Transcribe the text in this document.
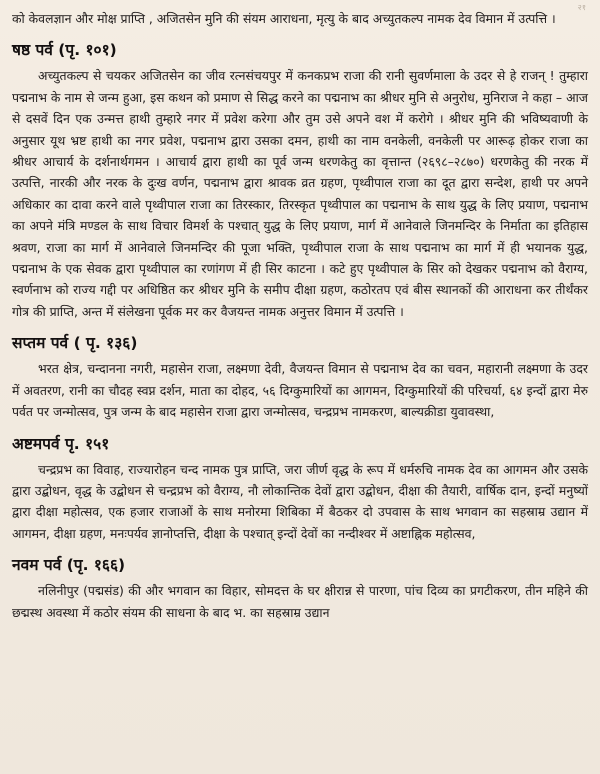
२१

को केवलज्ञान और मोक्ष प्राप्ति , अजितसेन मुनि की संयम आराधना, मृत्यु के बाद अच्युतकल्प नामक देव विमान में उत्पत्ति ।

षष्ठ पर्व (पृ. १०१)

अच्युतकल्प से चयकर अजितसेन का जीव रत्नसंचयपुर में कनकप्रभ राजा की रानी सुवर्णमाला के उदर से हे राजन् ! तुम्हारा पद्मनाभ के नाम से जन्म हुआ, इस कथन को प्रमाण से सिद्ध करने का पद्मनाभ का श्रीधर मुनि से अनुरोध, मुनिराज ने कहा – आज से दसवें दिन एक उन्मत्त हाथी तुम्हारे नगर में प्रवेश करेगा और तुम उसे अपने वश में करोगे । श्रीधर मुनि की भविष्यवाणी के अनुसार यूथ भ्रष्ट हाथी का नगर प्रवेश, पद्मनाभ द्वारा उसका दमन, हाथी का नाम वनकेली, वनकेली पर आरूढ़ होकर राजा का श्रीधर आचार्य के दर्शनार्थगमन । आचार्य द्वारा हाथी का पूर्व जन्म धरणकेतु का वृत्तान्त (२६९८–२८७०) धरणकेतु की नरक में उत्पत्ति, नारकी और नरक के दुःख वर्णन, पद्मनाभ द्वारा श्रावक व्रत ग्रहण, पृथ्वीपाल राजा का दूत द्वारा सन्देश, हाथी पर अपने अधिकार का दावा करने वाले पृथ्वीपाल राजा का तिरस्कार, तिरस्कृत पृथ्वीपाल का पद्मनाभ के साथ युद्ध के लिए प्रयाण, पद्मनाभ का अपने मंत्रि मण्डल के साथ विचार विमर्श के पश्चात् युद्ध के लिए प्रयाण, मार्ग में आनेवाले जिनमन्दिर के निर्माता का इतिहास श्रवण, राजा का मार्ग में आनेवाले जिनमन्दिर की पूजा भक्ति, पृथ्वीपाल राजा के साथ पद्मनाभ का मार्ग में ही भयानक युद्ध, पद्मनाभ के एक सेवक द्वारा पृथ्वीपाल का रणांगण में ही सिर काटना । कटे हुए पृथ्वीपाल के सिर को देखकर पद्मनाभ को वैराग्य, स्वर्णनाभ को राज्य गद्दी पर अधिष्ठित कर श्रीधर मुनि के समीप दीक्षा ग्रहण, कठोरतप एवं बीस स्थानकों की आराधना कर तीर्थंकर गोत्र की प्राप्ति, अन्त में संलेखना पूर्वक मर कर वैजयन्त नामक अनुत्तर विमान में उत्पत्ति ।

सप्तम पर्व ( पृ. १३६)

भरत क्षेत्र, चन्दानना नगरी, महासेन राजा, लक्ष्मणा देवी, वैजयन्त विमान से पद्मनाभ देव का चवन, महारानी लक्ष्मणा के उदर में अवतरण, रानी का चौदह स्वप्न दर्शन, माता का दोहद, ५६ दिग्कुमारियों का आगमन, दिग्कुमारियों की परिचर्या, ६४ इन्दों द्वारा मेरु पर्वत पर जन्मोत्सव, पुत्र जन्म के बाद महासेन राजा द्वारा जन्मोत्सव, चन्द्रप्रभ नामकरण, बाल्यक्रीडा युवावस्था,

अष्टमपर्व पृ. १५१

चन्द्रप्रभ का विवाह, राज्यारोहन चन्द नामक पुत्र प्राप्ति, जरा जीर्ण वृद्ध के रूप में धर्मरुचि नामक देव का आगमन और उसके द्वारा उद्बोधन, वृद्ध के उद्बोधन से चन्द्रप्रभ को वैराग्य, नौ लोकान्तिक देवों द्वारा उद्बोधन, दीक्षा की तैयारी, वार्षिक दान, इन्दों मनुष्यों द्वारा दीक्षा महोत्सव, एक हजार राजाओं के साथ मनोरमा शिबिका में बैठकर दो उपवास के साथ भगवान का सहस्राम्र उद्यान में आगमन, दीक्षा ग्रहण, मनःपर्यव ज्ञानोप्तत्ति, दीक्षा के पश्चात् इन्दों देवों का नन्दीश्वर में अष्टाह्निक महोत्सव,

नवम पर्व (पृ. १६६)

नलिनीपुर (पद्मसंड) की और भगवान का विहार, सोमदत्त के घर क्षीरान्न से पारणा, पांच दिव्य का प्रगटीकरण, तीन महिने की छद्मस्थ अवस्था में कठोर संयम की साधना के बाद भ. का सहस्राम्र उद्यान
